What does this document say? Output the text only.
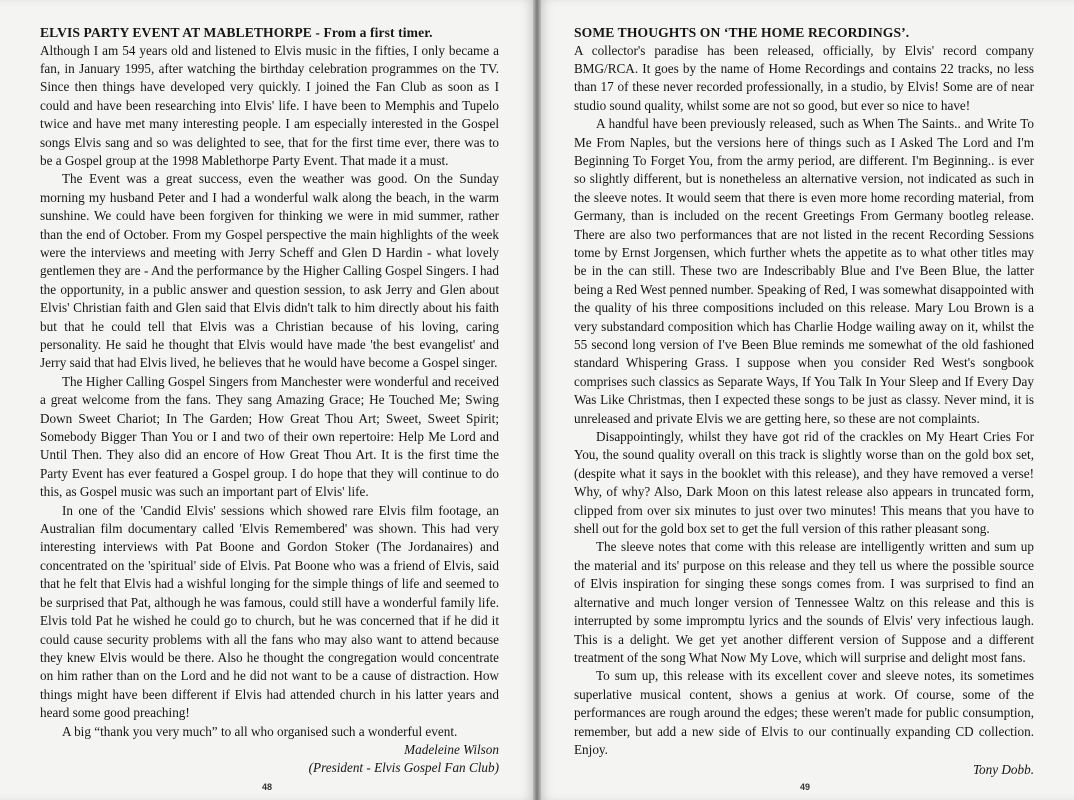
ELVIS PARTY EVENT AT MABLETHORPE - From a first timer.

Although I am 54 years old and listened to Elvis music in the fifties, I only became a fan, in January 1995, after watching the birthday celebration programmes on the TV. Since then things have developed very quickly. I joined the Fan Club as soon as I could and have been researching into Elvis' life. I have been to Memphis and Tupelo twice and have met many interesting people. I am especially interested in the Gospel songs Elvis sang and so was delighted to see, that for the first time ever, there was to be a Gospel group at the 1998 Mablethorpe Party Event. That made it a must.

The Event was a great success, even the weather was good. On the Sunday morning my husband Peter and I had a wonderful walk along the beach, in the warm sunshine. We could have been forgiven for thinking we were in mid summer, rather than the end of October. From my Gospel perspective the main highlights of the week were the interviews and meeting with Jerry Scheff and Glen D Hardin - what lovely gentlemen they are - And the performance by the Higher Calling Gospel Singers. I had the opportunity, in a public answer and question session, to ask Jerry and Glen about Elvis' Christian faith and Glen said that Elvis didn't talk to him directly about his faith but that he could tell that Elvis was a Christian because of his loving, caring personality. He said he thought that Elvis would have made 'the best evangelist' and Jerry said that had Elvis lived, he believes that he would have become a Gospel singer.

The Higher Calling Gospel Singers from Manchester were wonderful and received a great welcome from the fans. They sang Amazing Grace; He Touched Me; Swing Down Sweet Chariot; In The Garden; How Great Thou Art; Sweet, Sweet Spirit; Somebody Bigger Than You or I and two of their own repertoire: Help Me Lord and Until Then. They also did an encore of How Great Thou Art. It is the first time the Party Event has ever featured a Gospel group. I do hope that they will continue to do this, as Gospel music was such an important part of Elvis' life.

In one of the 'Candid Elvis' sessions which showed rare Elvis film footage, an Australian film documentary called 'Elvis Remembered' was shown. This had very interesting interviews with Pat Boone and Gordon Stoker (The Jordanaires) and concentrated on the 'spiritual' side of Elvis. Pat Boone who was a friend of Elvis, said that he felt that Elvis had a wishful longing for the simple things of life and seemed to be surprised that Pat, although he was famous, could still have a wonderful family life. Elvis told Pat he wished he could go to church, but he was concerned that if he did it could cause security problems with all the fans who may also want to attend because they knew Elvis would be there. Also he thought the congregation would concentrate on him rather than on the Lord and he did not want to be a cause of distraction. How things might have been different if Elvis had attended church in his latter years and heard some good preaching!

A big “thank you very much” to all who organised such a wonderful event.

Madeleine Wilson

(President - Elvis Gospel Fan Club)

48
SOME THOUGHTS ON ‘THE HOME RECORDINGS’.

A collector's paradise has been released, officially, by Elvis' record company BMG/RCA. It goes by the name of Home Recordings and contains 22 tracks, no less than 17 of these never recorded professionally, in a studio, by Elvis! Some are of near studio sound quality, whilst some are not so good, but ever so nice to have!

A handful have been previously released, such as When The Saints.. and Write To Me From Naples, but the versions here of things such as I Asked The Lord and I'm Beginning To Forget You, from the army period, are different. I'm Beginning.. is ever so slightly different, but is nonetheless an alternative version, not indicated as such in the sleeve notes. It would seem that there is even more home recording material, from Germany, than is included on the recent Greetings From Germany bootleg release. There are also two performances that are not listed in the recent Recording Sessions tome by Ernst Jorgensen, which further whets the appetite as to what other titles may be in the can still. These two are Indescribably Blue and I've Been Blue, the latter being a Red West penned number. Speaking of Red, I was somewhat disappointed with the quality of his three compositions included on this release. Mary Lou Brown is a very substandard composition which has Charlie Hodge wailing away on it, whilst the 55 second long version of I've Been Blue reminds me somewhat of the old fashioned standard Whispering Grass. I suppose when you consider Red West's songbook comprises such classics as Separate Ways, If You Talk In Your Sleep and If Every Day Was Like Christmas, then I expected these songs to be just as classy. Never mind, it is unreleased and private Elvis we are getting here, so these are not complaints.

Disappointingly, whilst they have got rid of the crackles on My Heart Cries For You, the sound quality overall on this track is slightly worse than on the gold box set, (despite what it says in the booklet with this release), and they have removed a verse! Why, of why? Also, Dark Moon on this latest release also appears in truncated form, clipped from over six minutes to just over two minutes! This means that you have to shell out for the gold box set to get the full version of this rather pleasant song.

The sleeve notes that come with this release are intelligently written and sum up the material and its' purpose on this release and they tell us where the possible source of Elvis inspiration for singing these songs comes from. I was surprised to find an alternative and much longer version of Tennessee Waltz on this release and this is interrupted by some impromptu lyrics and the sounds of Elvis' very infectious laugh. This is a delight. We get yet another different version of Suppose and a different treatment of the song What Now My Love, which will surprise and delight most fans.

To sum up, this release with its excellent cover and sleeve notes, its sometimes superlative musical content, shows a genius at work. Of course, some of the performances are rough around the edges; these weren't made for public consumption, remember, but add a new side of Elvis to our continually expanding CD collection. Enjoy.

Tony Dobb.

49
